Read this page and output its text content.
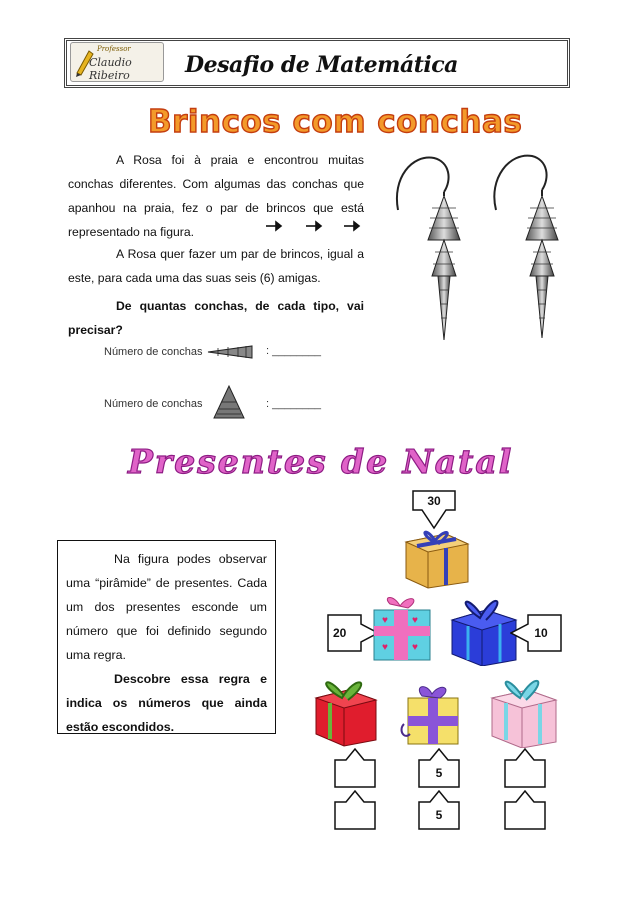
Professor
Claudio Ribeiro	Desafio de Matemática
Brincos com conchas
A Rosa foi à praia e encontrou muitas conchas diferentes. Com algumas das conchas que apanhou na praia, fez o par de brincos que está representado na figura.
A Rosa quer fazer um par de brincos, igual a este, para cada uma das suas seis (6) amigas.
De quantas conchas, de cada tipo, vai precisar?
Número de conchas	: ________
Número de conchas	: ________
Presentes de Natal
Na figura podes observar uma “pirâmide” de presentes. Cada um dos presentes esconde um número que foi definido segundo uma regra.
Descobre essa regra e indica os números que ainda estão escondidos.
30
20
♥ ♥
♥ ♥
10
5
5
